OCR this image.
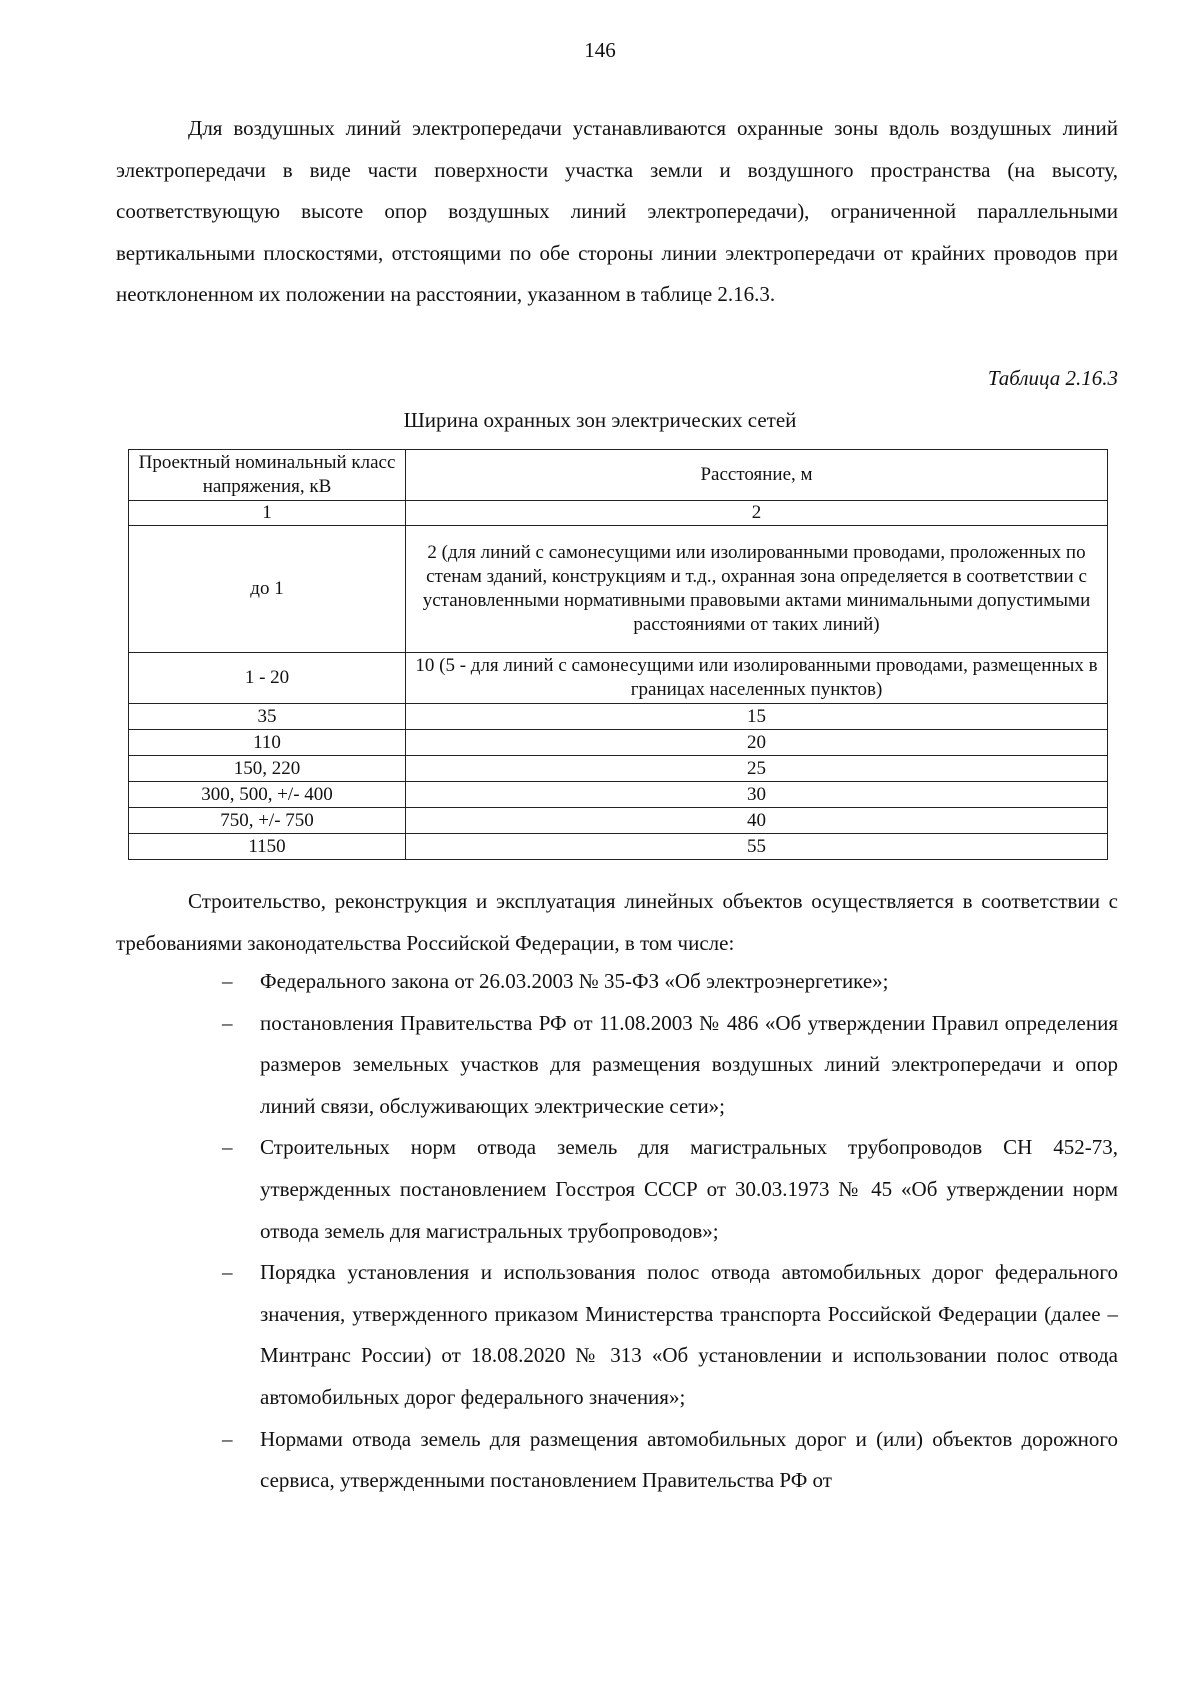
146

Для воздушных линий электропередачи устанавливаются охранные зоны вдоль воздушных линий электропередачи в виде части поверхности участка земли и воздушного пространства (на высоту, соответствующую высоте опор воздушных линий электропередачи), ограниченной параллельными вертикальными плоскостями, отстоящими по обе стороны линии электропередачи от крайних проводов при неотклоненном их положении на расстоянии, указанном в таблице 2.16.3.

Таблица 2.16.3
Ширина охранных зон электрических сетей
Проектный номинальный класс напряжения, кВ	Расстояние, м
1	2
до 1	2 (для линий с самонесущими или изолированными проводами, проложенных по стенам зданий, конструкциям и т.д., охранная зона определяется в соответствии с установленными нормативными правовыми актами минимальными допустимыми расстояниями от таких линий)
1 - 20	10 (5 - для линий с самонесущими или изолированными проводами, размещенных в границах населенных пунктов)
35	15
110	20
150, 220	25
300, 500, +/- 400	30
750, +/- 750	40
1150	55

Строительство, реконструкция и эксплуатация линейных объектов осуществляется в соответствии с требованиями законодательства Российской Федерации, в том числе:

– Федерального закона от 26.03.2003 № 35-ФЗ «Об электроэнергетике»;
– постановления Правительства РФ от 11.08.2003 № 486 «Об утверждении Правил определения размеров земельных участков для размещения воздушных линий электропередачи и опор линий связи, обслуживающих электрические сети»;
– Строительных норм отвода земель для магистральных трубопроводов СН 452-73, утвержденных постановлением Госстроя СССР от 30.03.1973 № 45 «Об утверждении норм отвода земель для магистральных трубопроводов»;
– Порядка установления и использования полос отвода автомобильных дорог федерального значения, утвержденного приказом Министерства транспорта Российской Федерации (далее – Минтранс России) от 18.08.2020 № 313 «Об установлении и использовании полос отвода автомобильных дорог федерального значения»;
– Нормами отвода земель для размещения автомобильных дорог и (или) объектов дорожного сервиса, утвержденными постановлением Правительства РФ от
